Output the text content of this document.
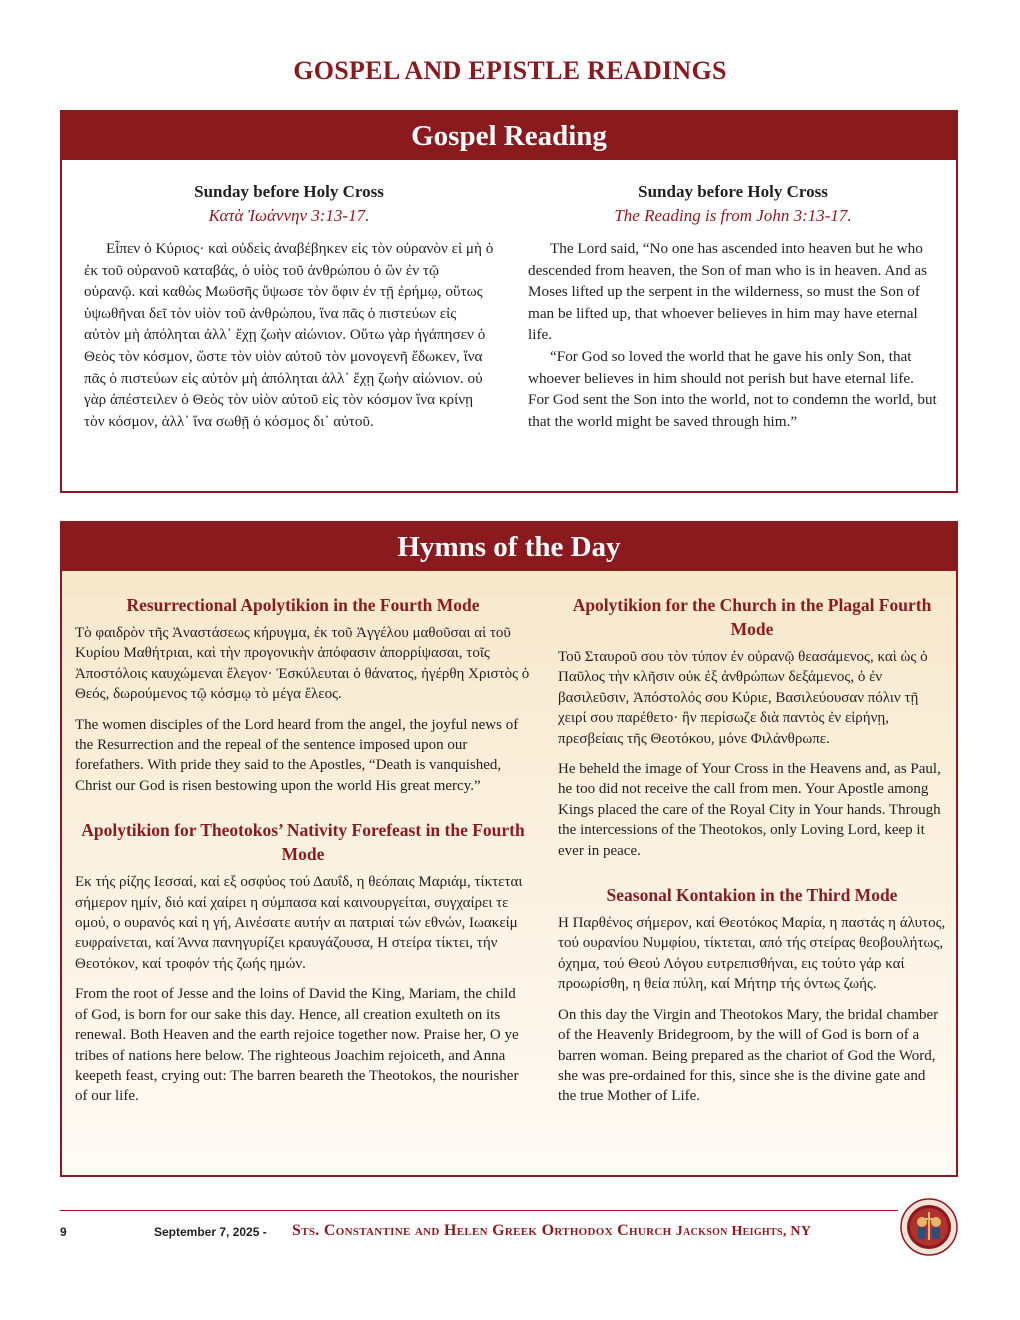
GOSPEL AND EPISTLE READINGS
Gospel Reading
Sunday before Holy Cross
Κατὰ Ἰωάννην 3:13-17.

Εἶπεν ὁ Κύριος· καὶ οὐδεὶς ἀναβέβηκεν εἰς τὸν οὐρανὸν εἰ μὴ ὁ ἐκ τοῦ οὐρανοῦ καταβάς, ὁ υἱὸς τοῦ ἀνθρώπου ὁ ὢν ἐν τῷ οὐρανῷ. καὶ καθὼς Μωϋσῆς ὕψωσε τὸν ὄφιν ἐν τῇ ἐρήμῳ, οὕτως ὑψωθῆναι δεῖ τὸν υἱὸν τοῦ ἀνθρώπου, ἵνα πᾶς ὁ πιστεύων εἰς αὐτὸν μὴ ἀπόληται ἀλλ᾽ ἔχῃ ζωὴν αἰώνιον. Οὕτω γὰρ ἠγάπησεν ὁ Θεὸς τὸν κόσμον, ὥστε τὸν υἱὸν αὐτοῦ τὸν μονογενῆ ἔδωκεν, ἵνα πᾶς ὁ πιστεύων εἰς αὐτὸν μὴ ἀπόληται ἀλλ᾽ ἔχῃ ζωὴν αἰώνιον. οὐ γὰρ ἀπέστειλεν ὁ Θεὸς τὸν υἱὸν αὐτοῦ εἰς τὸν κόσμον ἵνα κρίνῃ τὸν κόσμον, ἀλλ᾽ ἵνα σωθῇ ὁ κόσμος δι᾽ αὐτοῦ.

Sunday before Holy Cross
The Reading is from John 3:13-17.

The Lord said, “No one has ascended into heaven but he who descended from heaven, the Son of man who is in heaven. And as Moses lifted up the serpent in the wilderness, so must the Son of man be lifted up, that whoever believes in him may have eternal life.

“For God so loved the world that he gave his only Son, that whoever believes in him should not perish but have eternal life. For God sent the Son into the world, not to condemn the world, but that the world might be saved through him.”

Hymns of the Day
Resurrectional Apolytikion in the Fourth Mode

Τὸ φαιδρὸν τῆς Ἀναστάσεως κήρυγμα, ἐκ τοῦ Ἀγγέλου μαθοῦσαι αἱ τοῦ Κυρίου Μαθήτριαι, καὶ τὴν προγονικὴν ἀπόφασιν ἀπορρίψασαι, τοῖς Ἀποστόλοις καυχώμεναι ἔλεγον· Ἐσκύλευται ὁ θάνατος, ἠγέρθη Χριστὸς ὁ Θεός, δωρούμενος τῷ κόσμῳ τὸ μέγα ἔλεος.

The women disciples of the Lord heard from the angel, the joyful news of the Resurrection and the repeal of the sentence imposed upon our forefathers. With pride they said to the Apostles, “Death is vanquished, Christ our God is risen bestowing upon the world His great mercy.”

Apolytikion for Theotokos’ Nativity Forefeast in the Fourth Mode

Εκ τής ρίζης Ιεσσαί, καί εξ οσφύος τού Δαυΐδ, η θεόπαις Μαριάμ, τίκτεται σήμερον ημίν, διό καί χαίρει η σύμπασα καί καινουργείται, συγχαίρει τε ομού, ο ουρανός καί η γή, Αινέσατε αυτήν αι πατριαί τών εθνών, Ιωακείμ ευφραίνεται, καί Άννα πανηγυρίζει κραυγάζουσα, Η στείρα τίκτει, τήν Θεοτόκον, καί τροφόν τής ζωής ημών.

From the root of Jesse and the loins of David the King, Mariam, the child of God, is born for our sake this day. Hence, all creation exulteth on its renewal. Both Heaven and the earth rejoice together now. Praise her, O ye tribes of nations here below. The righteous Joachim rejoiceth, and Anna keepeth feast, crying out: The barren beareth the Theotokos, the nourisher of our life.

Apolytikion for the Church in the Plagal Fourth Mode

Τοῦ Σταυροῦ σου τὸν τύπον ἐν οὐρανῷ θεασάμενος, καὶ ὡς ὁ Παῦλος τὴν κλῆσιν οὐκ ἐξ ἀνθρώπων δεξάμενος, ὁ ἐν βασιλεῦσιν, Ἀπόστολός σου Κύριε, Βασιλεύουσαν πόλιν τῇ χειρί σου παρέθετο· ἣν περίσωζε διὰ παντὸς ἐν εἰρήνῃ, πρεσβείαις τῆς Θεοτόκου, μόνε Φιλάνθρωπε.

He beheld the image of Your Cross in the Heavens and, as Paul, he too did not receive the call from men. Your Apostle among Kings placed the care of the Royal City in Your hands. Through the intercessions of the Theotokos, only Loving Lord, keep it ever in peace.

Seasonal Kontakion in the Third Mode

Η Παρθένος σήμερον, καί Θεοτόκος Μαρία, η παστάς η άλυτος, τού ουρανίου Νυμφίου, τίκτεται, από τής στείρας θεοβουλήτως, όχημα, τού Θεού Λόγου ευτρεπισθήναι, εις τούτο γάρ καί προωρίσθη, η θεία πύλη, καί Μήτηρ τής όντως ζωής.

On this day the Virgin and Theotokos Mary, the bridal chamber of the Heavenly Bridegroom, by the will of God is born of a barren woman. Being prepared as the chariot of God the Word, she was pre-ordained for this, since she is the divine gate and the true Mother of Life.

9	September 7, 2025 - Sts. Constantine and Helen Greek Orthodox Church Jackson Heights, NY
